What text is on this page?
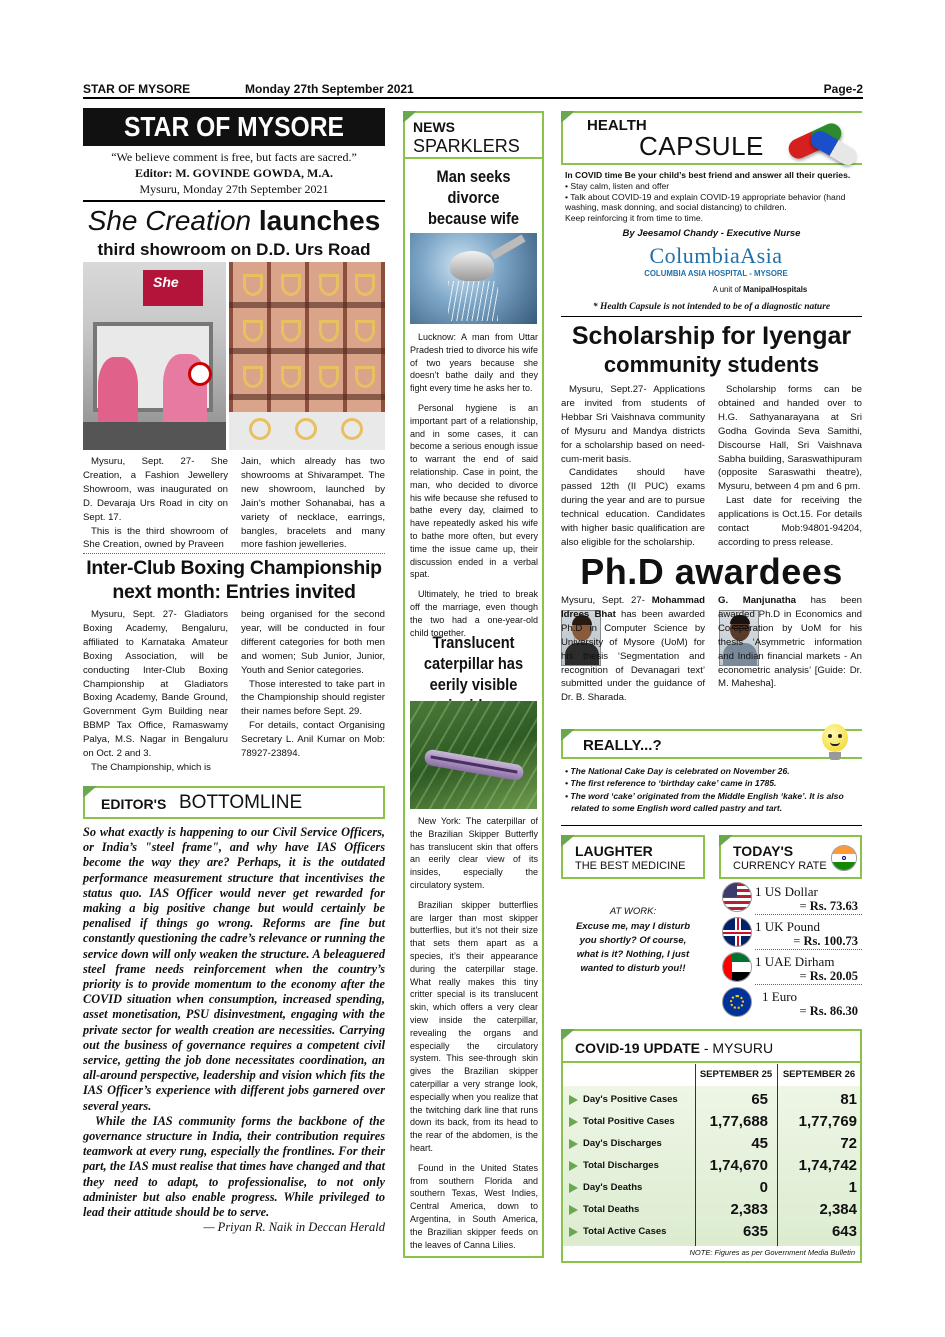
STAR OF MYSORE	Monday 27th September 2021	Page-2
STAR OF MYSORE
“We believe comment is free, but facts are sacred.”
Editor: M. GOVINDE GOWDA, M.A.
Mysuru, Monday 27th September 2021
She Creation launches
third showroom on D.D. Urs Road
She

Mysuru, Sept. 27- She Creation, a Fashion Jewellery Showroom, was inaugurated on D. Devaraja Urs Road in city on Sept. 17.

This is the third showroom of She Creation, owned by Praveen

Jain, which already has two showrooms at Shivarampet. The new showroom, launched by Jain’s mother Sohanabai, has a variety of necklace, earrings, bangles, bracelets and many more fashion jewelleries.
Inter-Club Boxing Championship next month: Entries invited

Mysuru, Sept. 27- Gladiators Boxing Academy, Bengaluru, affiliated to Karnataka Amateur Boxing Association, will be conducting Inter-Club Boxing Championship at Gladiators Boxing Academy, Bande Ground, Government Gym Building near BBMP Tax Office, Ramaswamy Palya, M.S. Nagar in Bengaluru on Oct. 2 and 3.

The Championship, which is

being organised for the second year, will be conducted in four different categories for both men and women; Sub Junior, Junior, Youth and Senior categories.

Those interested to take part in the Championship should register their names before Sept. 29.

For details, contact Organising Secretary L. Anil Kumar on Mob: 78927-23894.

EDITOR'S BOTTOMLINE

So what exactly is happening to our Civil Service Officers, or India’s "steel frame", and why have IAS Officers become the way they are? Perhaps, it is the outdated performance measurement structure that incentivises the status quo. IAS Officer would never get rewarded for making a big positive change but would certainly be penalised if things go wrong. Reforms are fine but constantly questioning the cadre’s relevance or running the service down will only weaken the structure. A beleaguered steel frame needs reinforcement when the country’s priority is to provide momentum to the economy after the COVID situation when consumption, increased spending, asset monetisation, PSU disinvestment, engaging with the private sector for wealth creation are necessities. Carrying out the business of governance requires a competent civil service, getting the job done necessitates coordination, an all-around perspective, leadership and vision which fits the IAS Officer’s experience with different jobs garnered over several years.

While the IAS community forms the backbone of the governance structure in India, their contribution requires teamwork at every rung, especially the frontlines. For their part, the IAS must realise that times have changed and that they need to adapt, to professionalise, to not only administer but also enable progress. While privileged to lead their attitude should be to serve.

— Priyan R. Naik in Deccan Herald

NEWS
SPARKLERS
Man seeks divorce because wife

Lucknow: A man from Uttar Pradesh tried to divorce his wife of two years because she doesn’t bathe daily and they fight every time he asks her to.

Personal hygiene is an important part of a relationship, and in some cases, it can become a serious enough issue to warrant the end of said relationship. Case in point, the man, who decided to divorce his wife because she refused to bathe every day, claimed to have repeatedly asked his wife to bathe more often, but every time the issue came up, their discussion ended in a verbal spat.

Ultimately, he tried to break off the marriage, even though the two had a one-year-old child together.

Translucent caterpillar has eerily visible

New York: The caterpillar of the Brazilian Skipper Butterfly has translucent skin that offers an eerily clear view of its insides, especially the circulatory system.

Brazilian skipper butterflies are larger than most skipper butterflies, but it’s not their size that sets them apart as a species, it’s their appearance during the caterpillar stage. What really makes this tiny critter special is its translucent skin, which offers a very clear view inside the caterpillar, revealing the organs and especially the circulatory system. This see-through skin gives the Brazilian skipper caterpillar a very strange look, especially when you realize that the twitching dark line that runs down its back, from its head to the rear of the abdomen, is the heart.

Found in the United States from southern Florida and southern Texas, West Indies, Central America, down to Argentina, in South America, the Brazilian skipper feeds on the leaves of Canna Lilies.

HEALTH
CAPSULE

In COVID time Be your child’s best friend and answer all their queries.

• Stay calm, listen and offer

• Talk about COVID-19 and explain COVID-19 appropriate behavior (hand washing, mask donning, and social distancing) to children.

Keep reinforcing it from time to time.

By Jeesamol Chandy - Executive Nurse
ColumbiaAsia
COLUMBIA ASIA HOSPITAL - MYSORE
A unit of ManipalHospitals
* Health Capsule is not intended to be of a diagnostic nature
Scholarship for Iyengar
community students

Mysuru, Sept.27- Applications are invited from students of Hebbar Sri Vaishnava community of Mysuru and Mandya districts for a scholarship based on need-cum-merit basis.

Candidates should have passed 12th (II PUC) exams during the year and are to pursue technical education. Candidates with higher basic qualification are also eligible for the scholarship.

Scholarship forms can be obtained and handed over to H.G. Sathyanarayana at Sri Godha Govinda Seva Samithi, Discourse Hall, Sri Vaishnava Sabha building, Saraswathipuram (opposite Saraswathi theatre), Mysuru, between 4 pm and 6 pm.

Last date for receiving the applications is Oct.15. For details contact Mob:94801-94204, according to press release.

Ph.D awardees
Mysuru, Sept. 27- Mohammad Idrees Bhat has been awarded Ph.D in Computer Science by University of Mysore (UoM) for his thesis ‘Segmentation and recognition of Devanagari text’ submitted under the guidance of Dr. B. Sharada.
G. Manjunatha has been awarded Ph.D in Economics and Co-operation by UoM for his thesis ‘Asymmetric information and Indian financial markets - An econometric analysis’ [Guide: Dr. M. Mahesha].
REALLY...?
• The National Cake Day is celebrated on November 26.
• The first reference to ‘birthday cake’ came in 1785.
• The word ‘cake’ originated from the Middle English ‘kake’. It is also related to some English word called pastry and tart.
LAUGHTER
THE BEST MEDICINE
AT WORK:
Excuse me, may I disturb you shortly? Of course, what is it? Nothing, I just wanted to disturb you!!
TODAY'S
CURRENCY RATE
1 US Dollar
= Rs. 73.63
1 UK Pound
= Rs. 100.73
1 UAE Dirham
= Rs. 20.05
1 Euro
= Rs. 86.30
COVID-19 UPDATE - MYSURU
SEPTEMBER 25	SEPTEMBER 26
Day's Positive Cases	65	81
Total Positive Cases	1,77,688	1,77,769
Day's Discharges	45	72
Total Discharges	1,74,670	1,74,742
Day's Deaths	0	1
Total Deaths	2,383	2,384
Total Active Cases	635	643
NOTE: Figures as per Government Media Bulletin
